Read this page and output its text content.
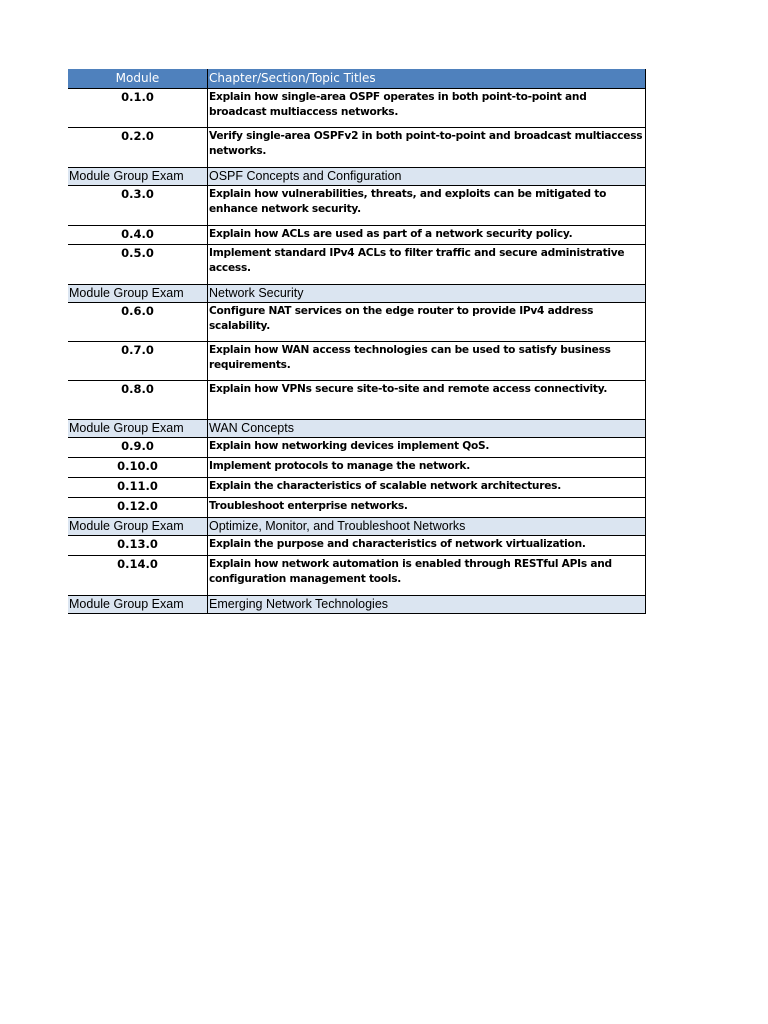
Module	Chapter/Section/Topic Titles
0.1.0	Explain how single-area OSPF operates in both point-to-point and broadcast multiaccess networks.
0.2.0	Verify single-area OSPFv2 in both point-to-point and broadcast multiaccess networks.
Module Group Exam	OSPF Concepts and Configuration
0.3.0	Explain how vulnerabilities, threats, and exploits can be mitigated to enhance network security.
0.4.0	Explain how ACLs are used as part of a network security policy.
0.5.0	Implement standard IPv4 ACLs to filter traffic and secure administrative access.
Module Group Exam	Network Security
0.6.0	Configure NAT services on the edge router to provide IPv4 address scalability.
0.7.0	Explain how WAN access technologies can be used to satisfy business requirements.
0.8.0	Explain how VPNs secure site-to-site and remote access connectivity.
Module Group Exam	WAN Concepts
0.9.0	Explain how networking devices implement QoS.
0.10.0	Implement protocols to manage the network.
0.11.0	Explain the characteristics of scalable network architectures.
0.12.0	Troubleshoot enterprise networks.
Module Group Exam	Optimize, Monitor, and Troubleshoot Networks
0.13.0	Explain the purpose and characteristics of network virtualization.
0.14.0	Explain how network automation is enabled through RESTful APIs and configuration management tools.
Module Group Exam	Emerging Network Technologies
